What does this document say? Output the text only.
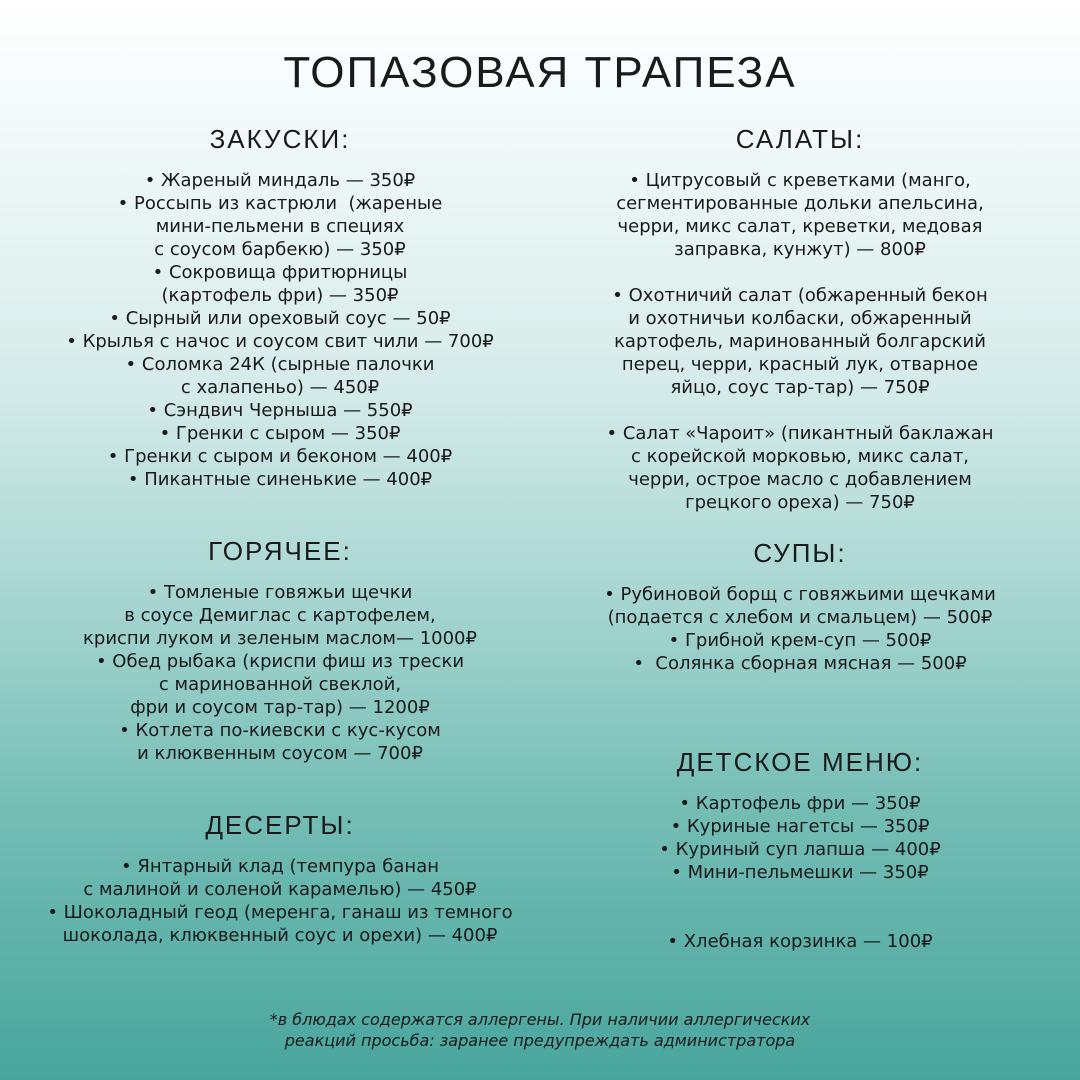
ТОПАЗОВАЯ ТРАПЕЗА
ЗАКУСКИ:
• Жареный миндаль — 350₽
• Россыпь из кастрюли  (жареные
мини-пельмени в специях
с соусом барбекю) — 350₽
• Сокровища фритюрницы
(картофель фри) — 350₽
• Сырный или ореховый соус — 50₽
• Крылья с начос и соусом свит чили — 700₽
• Соломка 24К (сырные палочки
с халапеньо) — 450₽
• Сэндвич Черныша — 550₽
• Гренки с сыром — 350₽
• Гренки с сыром и беконом — 400₽
• Пикантные синенькие — 400₽
САЛАТЫ:
• Цитрусовый с креветками (манго,
сегментированные дольки апельсина,
черри, микс салат, креветки, медовая
заправка, кунжут) — 800₽
• Охотничий салат (обжаренный бекон
и охотничьи колбаски, обжаренный
картофель, маринованный болгарский
перец, черри, красный лук, отварное
яйцо, соус тар-тар) — 750₽
• Салат «Чароит» (пикантный баклажан
с корейской морковью, микс салат,
черри, острое масло с добавлением
грецкого ореха) — 750₽
ГОРЯЧЕЕ:
• Томленые говяжьи щечки
в соусе Демиглас с картофелем,
криспи луком и зеленым маслом— 1000₽
• Обед рыбака (криспи фиш из трески
с маринованной свеклой,
фри и соусом тар-тар) — 1200₽
• Котлета по-киевски с кус-кусом
и клюквенным соусом — 700₽
СУПЫ:
• Рубиновой борщ с говяжьими щечками
(подается с хлебом и смальцем) — 500₽
• Грибной крем-суп — 500₽
•  Солянка сборная мясная — 500₽
ДЕСЕРТЫ:
• Янтарный клад (темпура банан
с малиной и соленой карамелью) — 450₽
• Шоколадный геод (меренга, ганаш из темного
шоколада, клюквенный соус и орехи) — 400₽
ДЕТСКОЕ МЕНЮ:
• Картофель фри — 350₽
• Куриные нагетсы — 350₽
• Куриный суп лапша — 400₽
• Мини-пельмешки — 350₽
• Хлебная корзинка — 100₽
*в блюдах содержатся аллергены. При наличии аллергических
реакций просьба: заранее предупреждать администратора
